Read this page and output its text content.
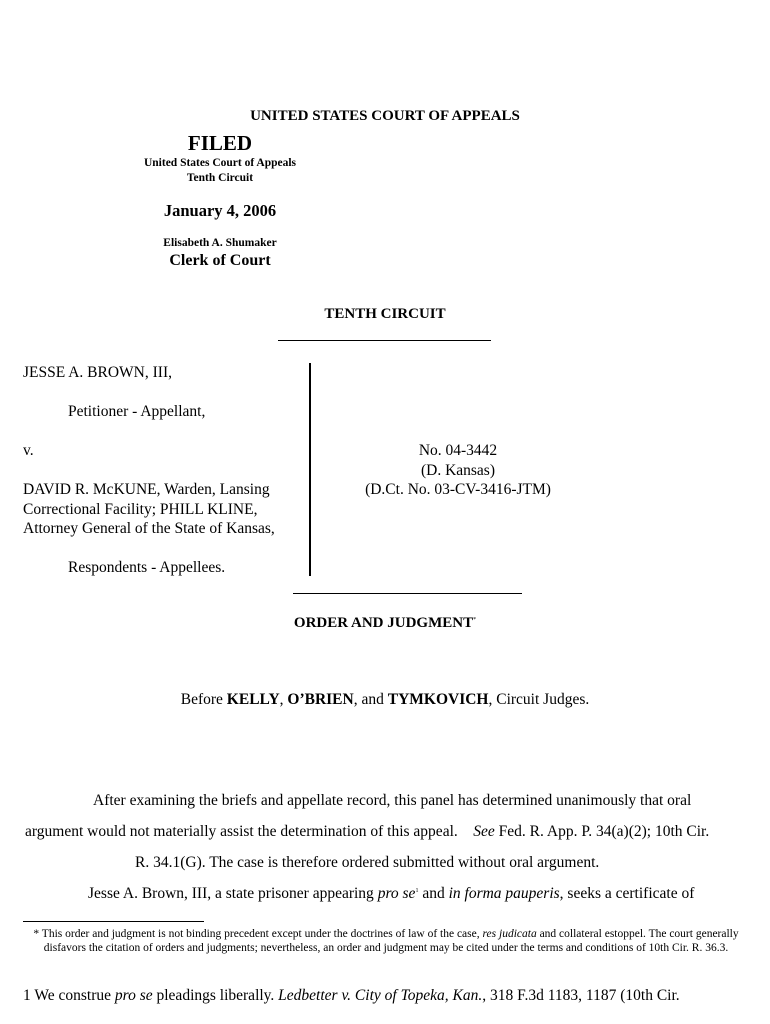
UNITED STATES COURT OF APPEALS
FILED
United States Court of Appeals
Tenth Circuit
January 4, 2006
Elisabeth A. Shumaker
Clerk of Court
TENTH CIRCUIT
JESSE A. BROWN, III,
Petitioner - Appellant,
v.
DAVID R. McKUNE, Warden, Lansing
Correctional Facility; PHILL KLINE,
Attorney General of the State of Kansas,
Respondents - Appellees.
No. 04-3442
(D. Kansas)
(D.Ct. No. 03-CV-3416-JTM)
ORDER AND JUDGMENT*
Before KELLY, O’BRIEN, and TYMKOVICH, Circuit Judges.
After examining the briefs and appellate record, this panel has determined unanimously that oral
argument would not materially assist the determination of this appeal. See Fed. R. App. P. 34(a)(2); 10th Cir.
R. 34.1(G). The case is therefore ordered submitted without oral argument.
Jesse A. Brown, III, a state prisoner appearing pro $se^1$ and in forma pauperis, seeks a certificate of
* This order and judgment is not binding precedent except under the doctrines of law of the case, res judicata and collateral estoppel. The court generally disfavors the citation of orders and judgments; nevertheless, an order and judgment may be cited under the terms and conditions of 10th Cir. R. 36.3.
1 We construe pro se pleadings liberally. Ledbetter v. City of Topeka, Kan., 318 F.3d 1183, 1187 (10th Cir.
